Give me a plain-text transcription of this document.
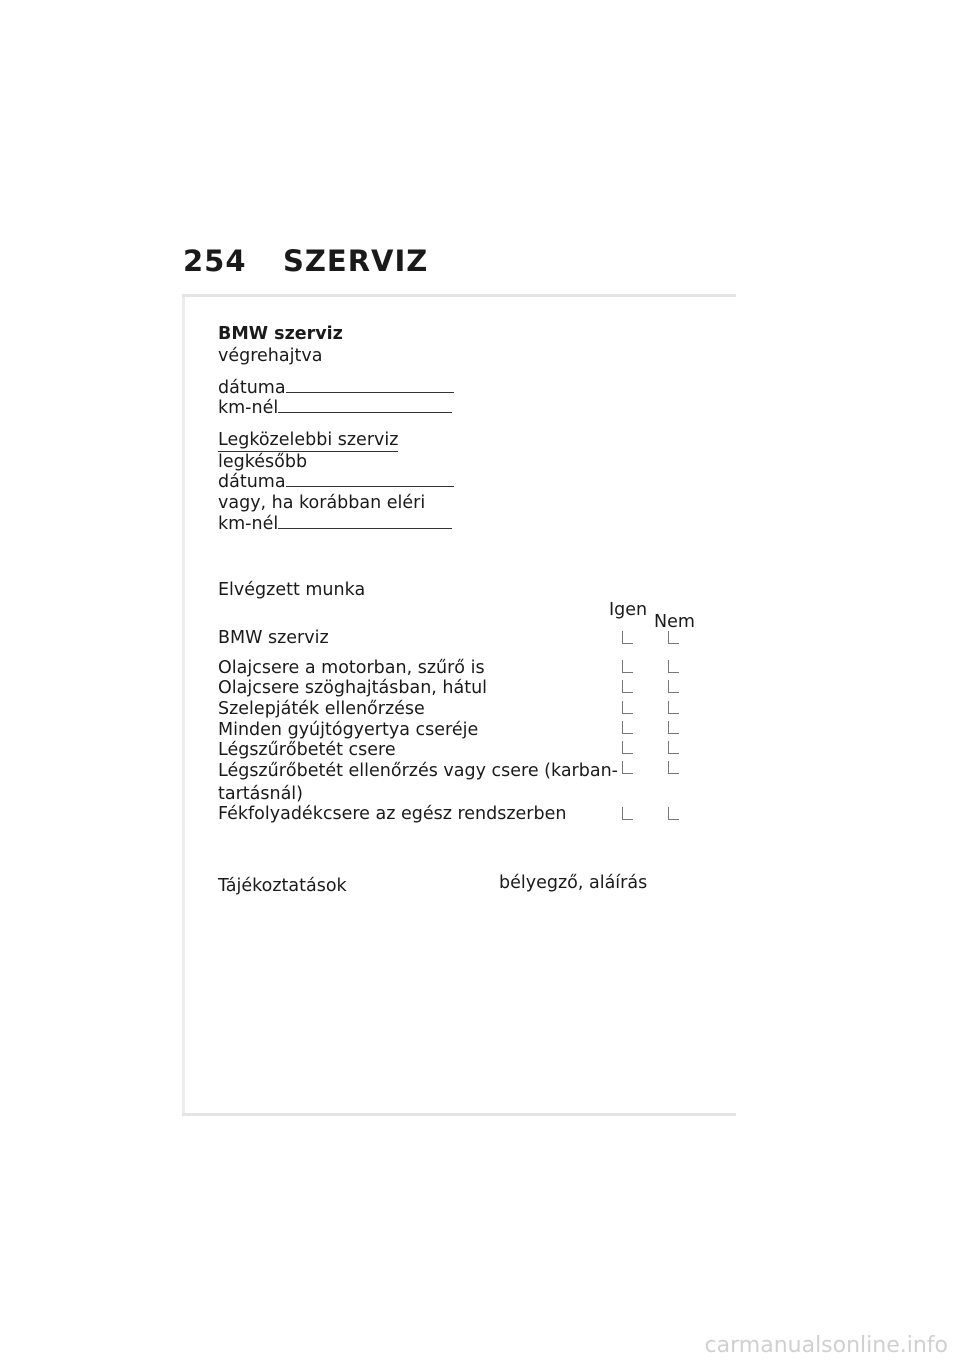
254 SZERVIZ
BMW szerviz
végrehajtva
dátuma
km-nél
Legközelebbi szerviz
legkésőbb
dátuma
vagy, ha korábban eléri
km-nél
Elvégzett munka
Igen
Nem
BMW szerviz
Olajcsere a motorban, szűrő is
Olajcsere szöghajtásban, hátul
Szelepjáték ellenőrzése
Minden gyújtógyertya cseréje
Légszűrőbetét csere
Légszűrőbetét ellenőrzés vagy csere (karban-
tartásnál)
Fékfolyadékcsere az egész rendszerben
Tájékoztatások	bélyegző, aláírás
carmanualsonline.info
